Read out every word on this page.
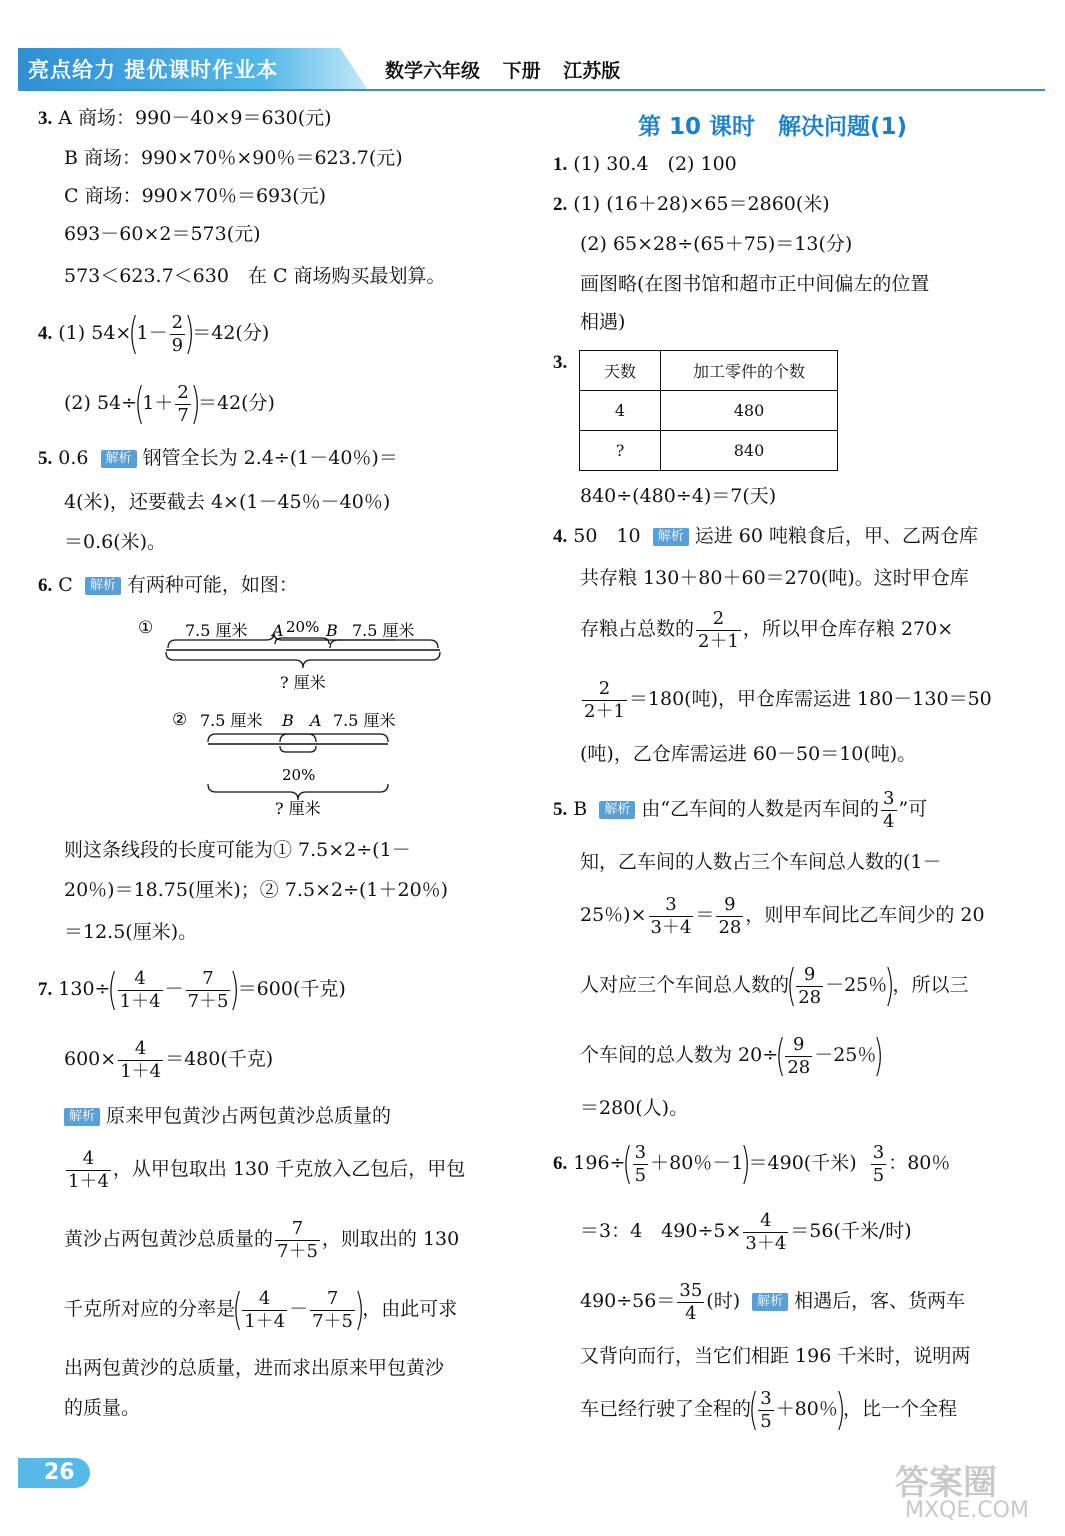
亮点给力 提优课时作业本	数学六年级 下册 江苏版
3. A 商场：990－40×9＝630(元)
B 商场：990×70％×90％＝623.7(元)
C 商场：990×70％＝693(元)
693－60×2＝573(元)
573＜623.7＜630　在 C 商场购买最划算。
4. (1) $54\times(1- \frac{2}{9} )=42$(分)
(2) $54\div(1+ \frac{2}{7} )=42$(分)
5. 0.6 解析 钢管全长为 2.4÷(1－40％)＝
4(米)，还要截去 4×(1－45％－40％)
＝0.6(米)。
6. C 解析 有两种可能，如图：
① 7.5 厘米 A 20% B 7.5 厘米
? 厘米
② 7.5 厘米 B A 7.5 厘米
20%
? 厘米
则这条线段的长度可能为① 7.5×2÷(1－
20％)＝18.75(厘米)；② 7.5×2÷(1＋20％)
＝12.5(厘米)。
7. $130\div( \frac{4}{1+4} - \frac{7}{7+5} )=600$(千克)
$600\times \frac{4}{1+4} =480$(千克)
解析 原来甲包黄沙占两包黄沙总质量的
$\frac{4}{1+4}$ ，从甲包取出 130 千克放入乙包后，甲包
黄沙占两包黄沙总质量的 $\frac{7}{7+5}$ ，则取出的 130
千克所对应的分率是( $\frac{4}{1+4} - \frac{7}{7+5}$ )，由此可求
出两包黄沙的总质量，进而求出原来甲包黄沙
的质量。
第 10 课时　解决问题(1)
1. (1) 30.4　(2) 100
2. (1) (16＋28)×65＝2860(米)
(2) 65×28÷(65＋75)＝13(分)
画图略(在图书馆和超市正中间偏左的位置
相遇)
3. 天数	加工零件的个数
4	480
?	840
840÷(480÷4)＝7(天)
4. 50　10 解析 运进 60 吨粮食后，甲、乙两仓库
共存粮 130＋80＋60＝270(吨)。这时甲仓库
存粮占总数的 $\frac{2}{2+1}$ ，所以甲仓库存粮 270×
$\frac{2}{2+1} =180$(吨)，甲仓库需运进 180－130＝50
(吨)，乙仓库需运进 60－50＝10(吨)。
5. B 解析 由“乙车间的人数是丙车间的 $\frac{3}{4}$ ”可
知，乙车间的人数占三个车间总人数的(1－
25％)× $\frac{3}{3+4} = \frac{9}{28}$ ，则甲车间比乙车间少的 20
人对应三个车间总人数的( $\frac{9}{28} -25$％)，所以三
个车间的总人数为 $20\div( \frac{9}{28} -25$％)
＝280(人)。
6. $196\div( \frac{3}{5} +80$％－1)＝490(千米) $\frac{3}{5}$ ：80％
＝3：4　$490\div 5\times \frac{4}{3+4} =56$(千米/时)
$490\div 56= \frac{35}{4}$ (时) 解析 相遇后，客、货两车
又背向而行，当它们相距 196 千米时，说明两
车已经行驶了全程的( $\frac{3}{5} +80$％)，比一个全程
26	答案圈
MXQE.COM
